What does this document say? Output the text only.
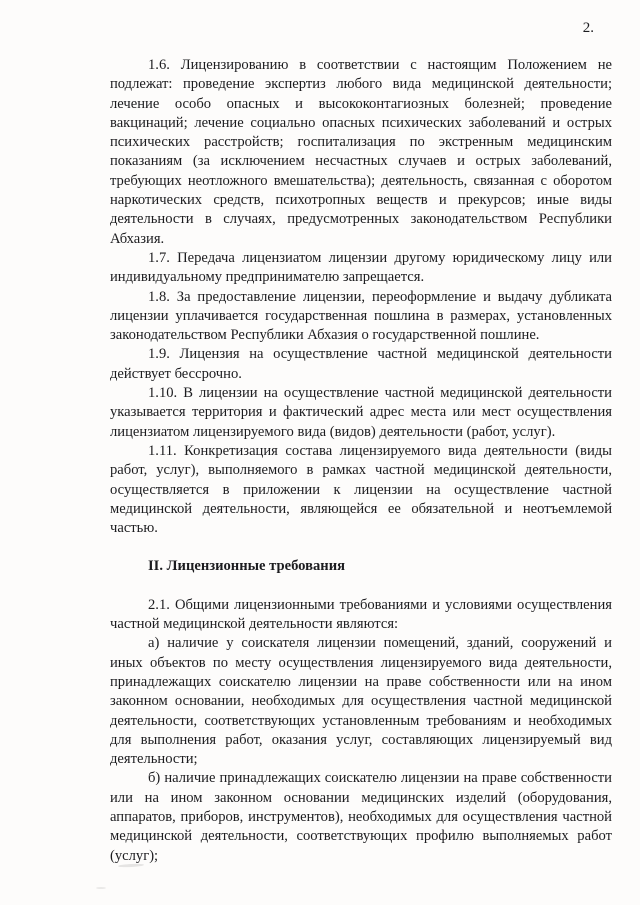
2.

1.6. Лицензированию в соответствии с настоящим Положением не подлежат: проведение экспертиз любого вида медицинской деятельности; лечение особо опасных и высококонтагиозных болезней; проведение вакцинаций; лечение социально опасных психических заболеваний и острых психических расстройств; госпитализация по экстренным медицинским показаниям (за исключением несчастных случаев и острых заболеваний, требующих неотложного вмешательства); деятельность, связанная с оборотом наркотических средств, психотропных веществ и прекурсов; иные виды деятельности в случаях, предусмотренных законодательством Республики Абхазия.

1.7. Передача лицензиатом лицензии другому юридическому лицу или индивидуальному предпринимателю запрещается.

1.8. За предоставление лицензии, переоформление и выдачу дубликата лицензии уплачивается государственная пошлина в размерах, установленных законодательством Республики Абхазия о государственной пошлине.

1.9. Лицензия на осуществление частной медицинской деятельности действует бессрочно.

1.10. В лицензии на осуществление частной медицинской деятельности указывается территория и фактический адрес места или мест осуществления лицензиатом лицензируемого вида (видов) деятельности (работ, услуг).

1.11. Конкретизация состава лицензируемого вида деятельности (виды работ, услуг), выполняемого в рамках частной медицинской деятельности, осуществляется в приложении к лицензии на осуществление частной медицинской деятельности, являющейся ее обязательной и неотъемлемой частью.

II. Лицензионные требования

2.1. Общими лицензионными требованиями и условиями осуществления частной медицинской деятельности являются:

а) наличие у соискателя лицензии помещений, зданий, сооружений и иных объектов по месту осуществления лицензируемого вида деятельности, принадлежащих соискателю лицензии на праве собственности или на ином законном основании, необходимых для осуществления частной медицинской деятельности, соответствующих установленным требованиям и необходимых для выполнения работ, оказания услуг, составляющих лицензируемый вид деятельности;

б) наличие принадлежащих соискателю лицензии на праве собственности или на ином законном основании медицинских изделий (оборудования, аппаратов, приборов, инструментов), необходимых для осуществления частной медицинской деятельности, соответствующих профилю выполняемых работ (услуг);
